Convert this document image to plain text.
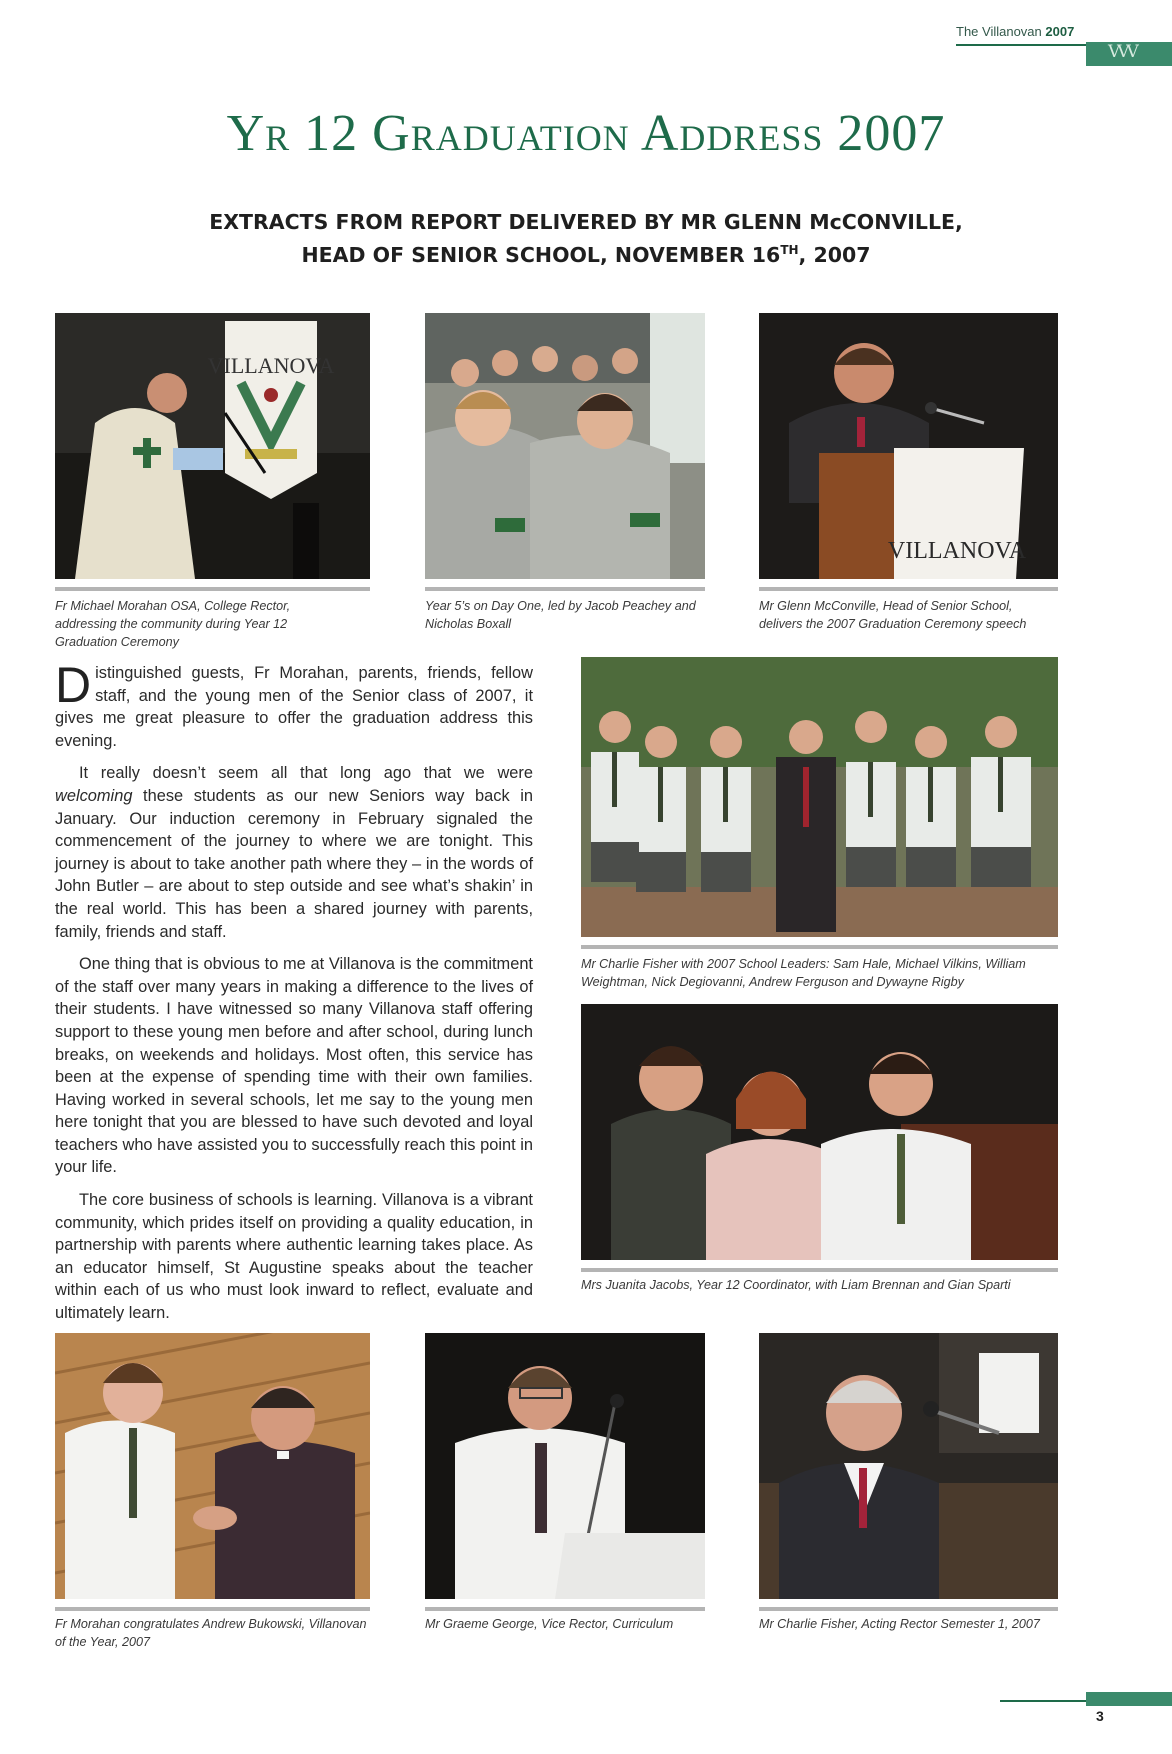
The Villanovan 2007
VVV
Yr 12 Graduation Address 2007
EXTRACTS FROM REPORT DELIVERED BY MR GLENN McCONVILLE,
HEAD OF SENIOR SCHOOL, NOVEMBER 16TH, 2007
VILLANOVA
Fr Michael Morahan OSA, College Rector, addressing the community during Year 12 Graduation Ceremony
Year 5’s on Day One, led by Jacob Peachey and Nicholas Boxall
VILLANOVA
Mr Glenn McConville, Head of Senior School, delivers the 2007 Graduation Ceremony speech

Distinguished guests, Fr Morahan, parents, friends, fellow staff, and the young men of the Senior class of 2007, it gives me great pleasure to offer the graduation address this evening.

It really doesn’t seem all that long ago that we were welcoming these students as our new Seniors way back in January. Our induction ceremony in February signaled the commencement of the journey to where we are tonight. This journey is about to take another path where they – in the words of John Butler – are about to step outside and see what’s shakin’ in the real world. This has been a shared journey with parents, family, friends and staff.

One thing that is obvious to me at Villanova is the commitment of the staff over many years in making a difference to the lives of their students. I have witnessed so many Villanova staff offering support to these young men before and after school, during lunch breaks, on weekends and holidays. Most often, this service has been at the expense of spending time with their own families. Having worked in several schools, let me say to the young men here tonight that you are blessed to have such devoted and loyal teachers who have assisted you to successfully reach this point in your life.

The core business of schools is learning. Villanova is a vibrant community, which prides itself on providing a quality education, in partnership with parents where authentic learning takes place. As an educator himself, St Augustine speaks about the teacher within each of us who must look inward to reflect, evaluate and ultimately learn.

Mr Charlie Fisher with 2007 School Leaders: Sam Hale, Michael Vilkins, William Weightman, Nick Degiovanni, Andrew Ferguson and Dywayne Rigby
Mrs Juanita Jacobs, Year 12 Coordinator, with Liam Brennan and Gian Sparti
Fr Morahan congratulates Andrew Bukowski, Villanovan of the Year, 2007
Mr Graeme George, Vice Rector, Curriculum	Mr Charlie Fisher, Acting Rector Semester 1, 2007
3
